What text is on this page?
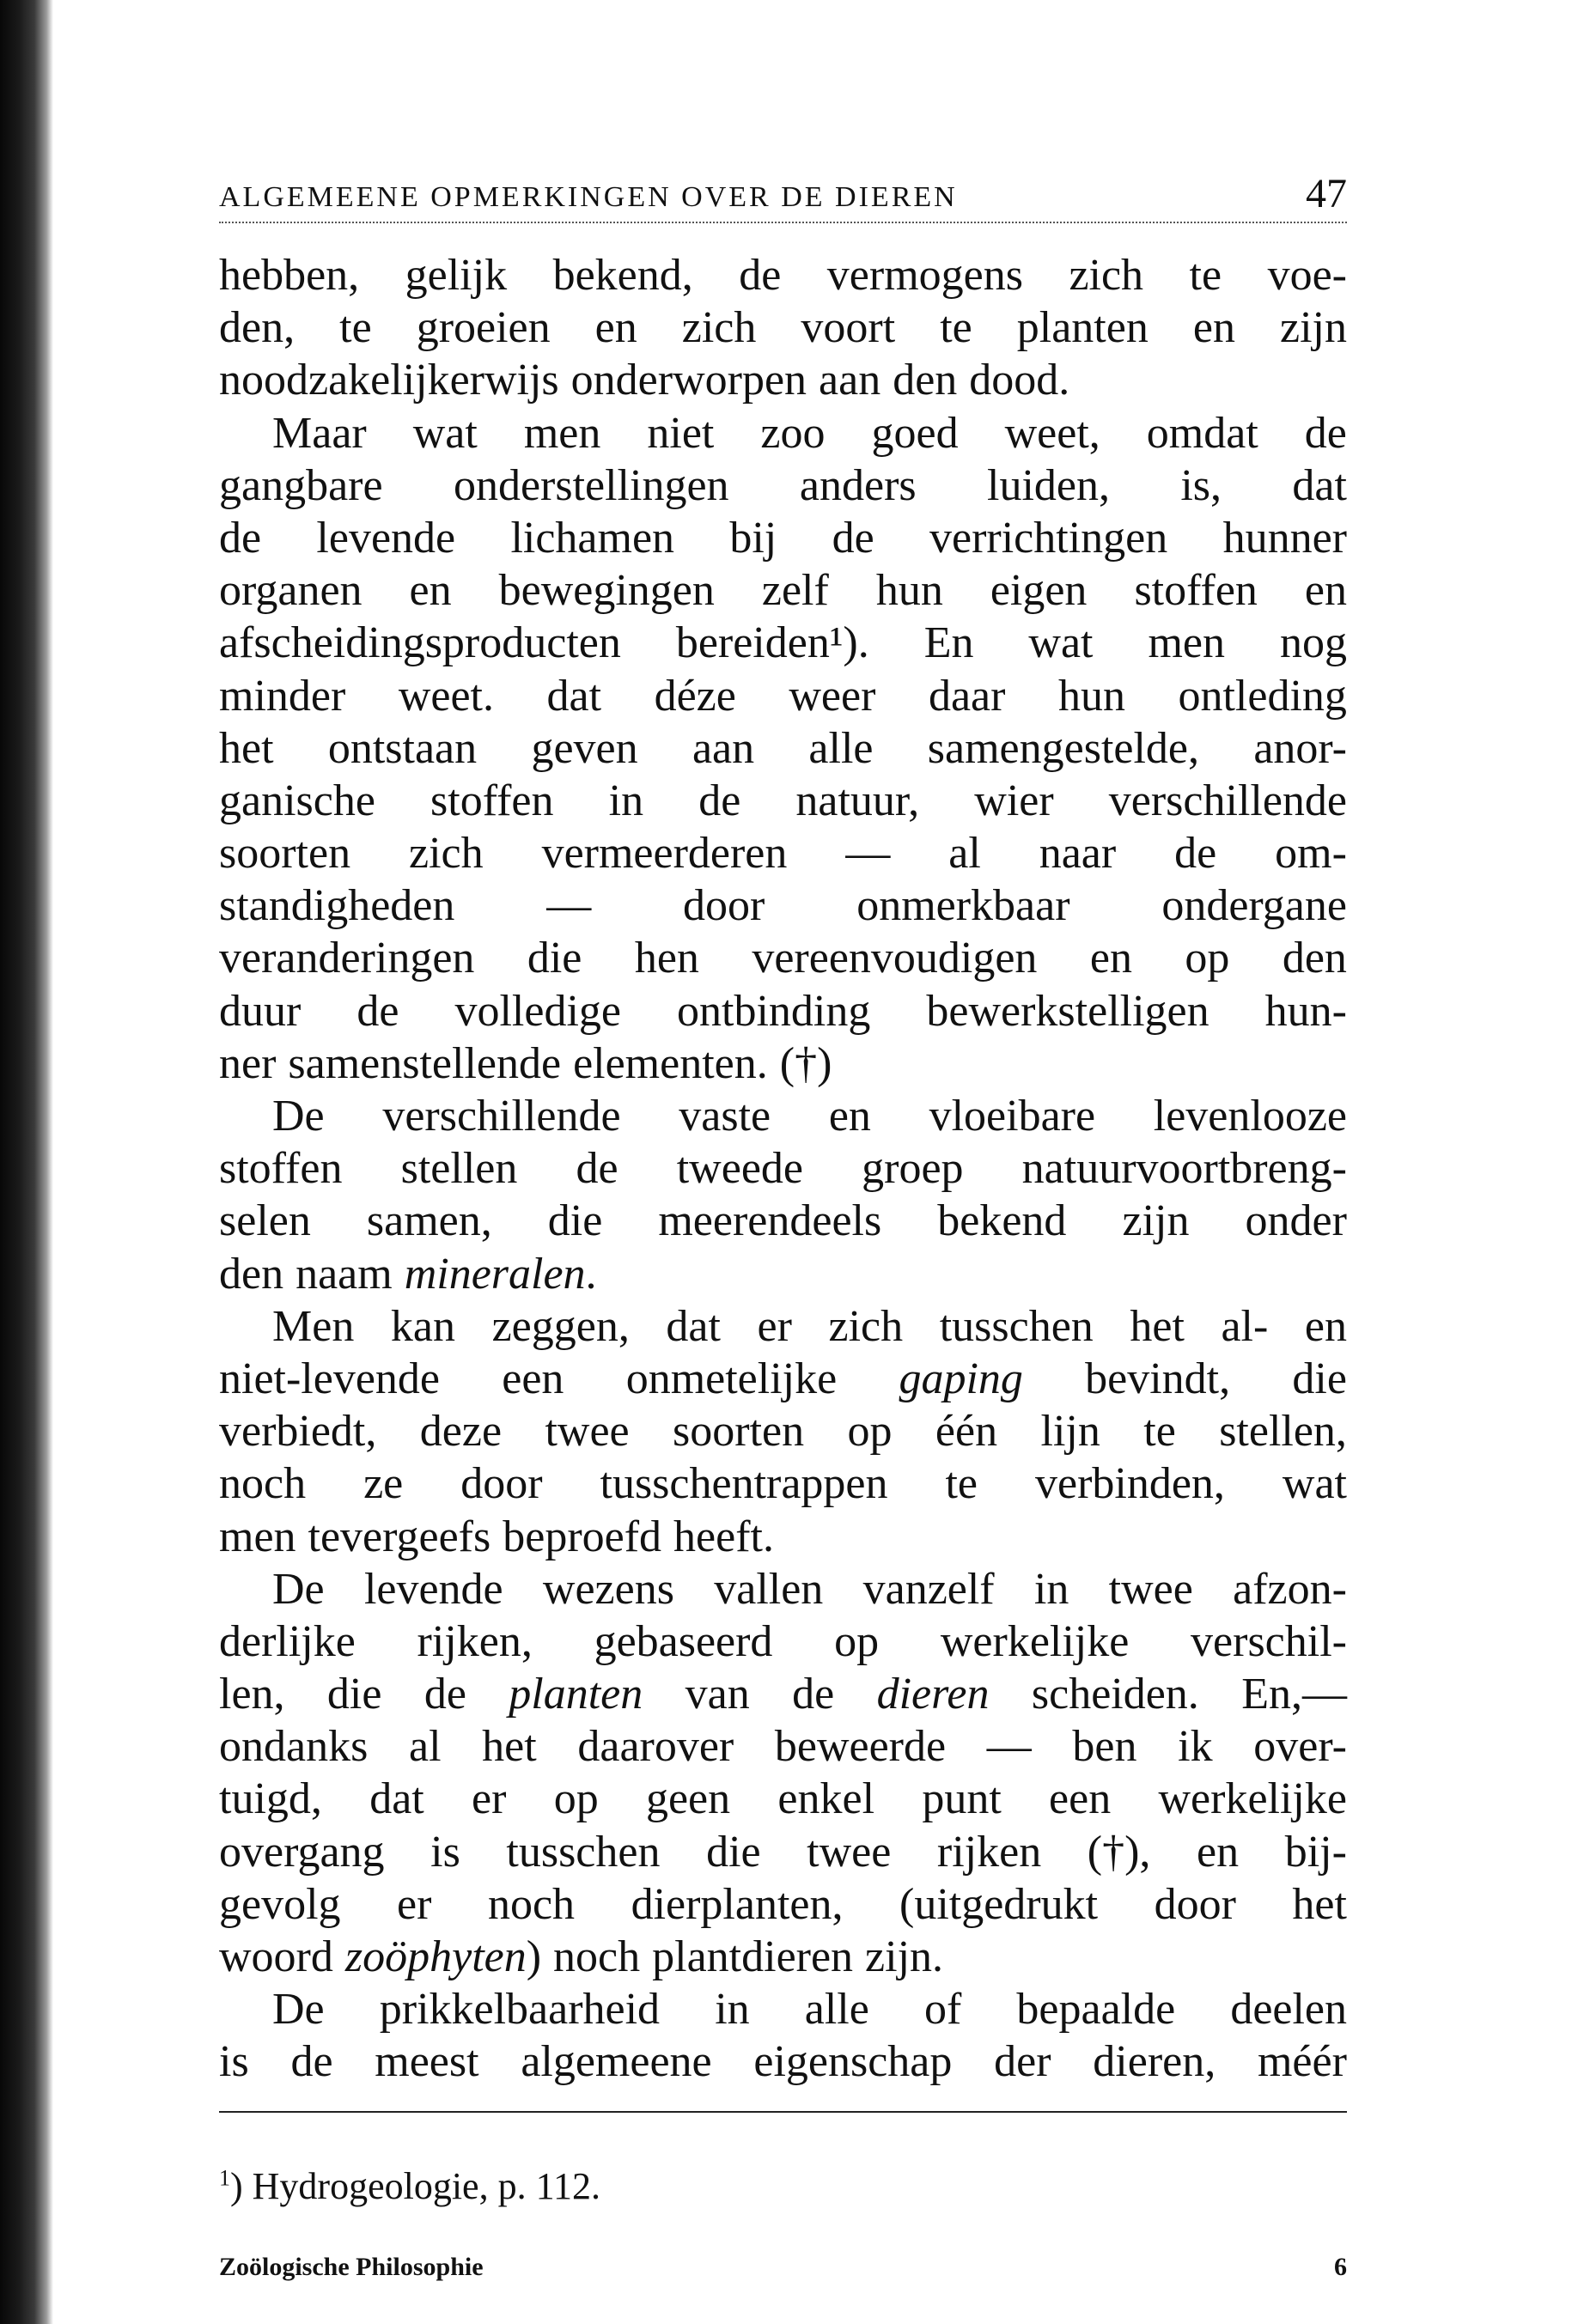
ALGEMEENE OPMERKINGEN OVER DE DIEREN	47
hebben, gelijk bekend, de vermogens zich te voe-
den, te groeien en zich voort te planten en zijn
noodzakelijkerwijs onderworpen aan den dood.
Maar wat men niet zoo goed weet, omdat de
gangbare onderstellingen anders luiden, is, dat
de levende lichamen bij de verrichtingen hunner
organen en bewegingen zelf hun eigen stoffen en
afscheidingsproducten bereiden¹). En wat men nog
minder weet. dat déze weer daar hun ontleding
het ontstaan geven aan alle samengestelde, anor-
ganische stoffen in de natuur, wier verschillende
soorten zich vermeerderen — al naar de om-
standigheden — door onmerkbaar ondergane
veranderingen die hen vereenvoudigen en op den
duur de volledige ontbinding bewerkstelligen hun-
ner samenstellende elementen. (†)
De verschillende vaste en vloeibare levenlooze
stoffen stellen de tweede groep natuurvoortbreng-
selen samen, die meerendeels bekend zijn onder
den naam mineralen.
Men kan zeggen, dat er zich tusschen het al- en
niet-levende een onmetelijke gaping bevindt, die
verbiedt, deze twee soorten op één lijn te stellen,
noch ze door tusschentrappen te verbinden, wat
men tevergeefs beproefd heeft.
De levende wezens vallen vanzelf in twee afzon-
derlijke rijken, gebaseerd op werkelijke verschil-
len, die de planten van de dieren scheiden. En,—
ondanks al het daarover beweerde — ben ik over-
tuigd, dat er op geen enkel punt een werkelijke
overgang is tusschen die twee rijken (†), en bij-
gevolg er noch dierplanten, (uitgedrukt door het
woord zoöphyten) noch plantdieren zijn.
De prikkelbaarheid in alle of bepaalde deelen
is de meest algemeene eigenschap der dieren, méér
$^1$) Hydrogeologie, p. 112.
Zoölogische Philosophie	6
